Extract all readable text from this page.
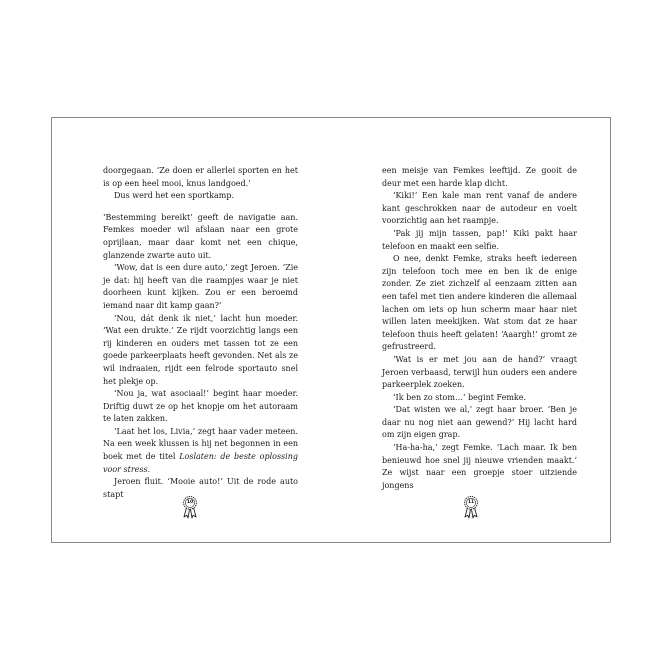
doorgegaan. ‘Ze doen er allerlei sporten en het is op een heel mooi, knus landgoed.’

Dus werd het een sportkamp.

‘Bestemming bereikt’ geeft de navigatie aan. Femkes moeder wil afslaan naar een grote oprijlaan, maar daar komt net een chique, glanzende zwarte auto uit.

‘Wow, dat is een dure auto,’ zegt Jeroen. ‘Zie je dat: hij heeft van die raampjes waar je niet doorheen kunt kijken. Zou er een beroemd iemand naar dit kamp gaan?’

‘Nou, dát denk ik niet,’ lacht hun moeder. ‘Wat een drukte.’ Ze rijdt voorzichtig langs een rij kinderen en ouders met tassen tot ze een goede parkeerplaats heeft gevonden. Net als ze wil indraaien, rijdt een felrode sportauto snel het plekje op.

‘Nou ja, wat asociaal!’ begint haar moeder. Driftig duwt ze op het knopje om het autoraam te laten zakken.

‘Laat het los, Livia,’ zegt haar vader meteen. Na een week klussen is hij net begonnen in een boek met de titel Loslaten: de beste oplossing voor stress.

Jeroen fluit. ‘Mooie auto!’ Uit de rode auto stapt

een meisje van Femkes leeftijd. Ze gooit de deur met een harde klap dicht.

‘Kiki!’ Een kale man rent vanaf de andere kant geschrokken naar de autodeur en voelt voorzichtig aan het raampje.

‘Pak jij mijn tassen, pap!’ Kiki pakt haar telefoon en maakt een selfie.

O nee, denkt Femke, straks heeft iedereen zijn telefoon toch mee en ben ik de enige zonder. Ze ziet zichzelf al eenzaam zitten aan een tafel met tien andere kinderen die allemaal lachen om iets op hun scherm maar haar niet willen laten meekijken. Wat stom dat ze haar telefoon thuis heeft gelaten! ‘Aaargh!’ gromt ze gefrustreerd.

‘Wat is er met jou aan de hand?’ vraagt Jeroen verbaasd, terwijl hun ouders een andere parkeerplek zoeken.

‘Ik ben zo stom…’ begint Femke.

‘Dat wisten we al,’ zegt haar broer. ‘Ben je daar nu nog niet aan gewend?’ Hij lacht hard om zijn eigen grap.

‘Ha-ha-ha,’ zegt Femke. ‘Lach maar. Ik ben benieuwd hoe snel jij nieuwe vrienden maakt.’ Ze wijst naar een groepje stoer uitziende jongens

10	11
